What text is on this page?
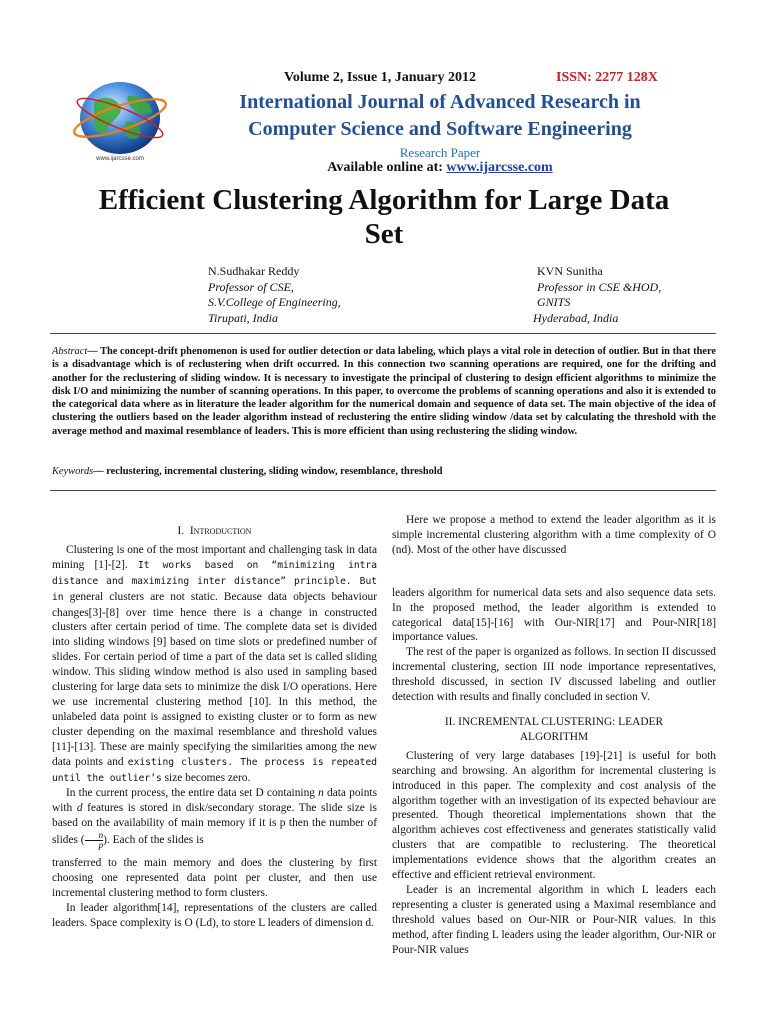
www.ijarcsse.com
Volume 2, Issue 1, January 2012	ISSN: 2277 128X
International Journal of Advanced Research in
Computer Science and Software Engineering
Research Paper
Available online at: www.ijarcsse.com
Efficient Clustering Algorithm for Large Data
Set
N.Sudhakar Reddy
Professor of CSE,
S.V.College of Engineering,
Tirupati, India
KVN Sunitha
Professor in CSE &HOD,
GNITS
Hyderabad, India
Abstract— The concept-drift phenomenon is used for outlier detection or data labeling, which plays a vital role in detection of outlier. But in that there is a disadvantage which is of reclustering when drift occurred. In this connection two scanning operations are required, one for the drifting and another for the reclustering of sliding window. It is necessary to investigate the principal of clustering to design efficient algorithms to minimize the disk I/O and minimizing the number of scanning operations. In this paper, to overcome the problems of scanning operations and also it is extended to the categorical data where as in literature the leader algorithm for the numerical domain and sequence of data set. The main objective of the idea of clustering the outliers based on the leader algorithm instead of reclustering the entire sliding window /data set by calculating the threshold with the average method and maximal resemblance of leaders. This is more efficient than using reclustering the sliding window.
Keywords— reclustering, incremental clustering, sliding window, resemblance, threshold
I. Introduction

Clustering is one of the most important and challenging task in data mining [1]-[2]. It works based on “minimizing intra distance and maximizing inter distance” principle. But in general clusters are not static. Because data objects behaviour changes[3]-[8] over time hence there is a change in constructed clusters after certain period of time. The complete data set is divided into sliding windows [9] based on time slots or predefined number of slides. For certain period of time a part of the data set is called sliding window. This sliding window method is also used in sampling based clustering for large data sets to minimize the disk I/O operations. Here we use incremental clustering method [10]. In this method, the unlabeled data point is assigned to existing cluster or to form as new cluster depending on the maximal resemblance and threshold values [11]-[13]. These are mainly specifying the similarities among the new data points and existing clusters. The process is repeated until the outlier’s size becomes zero.

In the current process, the entire data set D containing n data points with d features is stored in disk/secondary storage. The slide size is based on the availability of main memory if it is p then the number of slides ( $\frac{n}{p}$ ). Each of the slides is

transferred to the main memory and does the clustering by first choosing one represented data point per cluster, and then use incremental clustering method to form clusters.

In leader algorithm[14], representations of the clusters are called leaders. Space complexity is O (Ld), to store L leaders of dimension d.

Here we propose a method to extend the leader algorithm as it is simple incremental clustering algorithm with a time complexity of O (nd). Most of the other have discussed

leaders algorithm for numerical data sets and also sequence data sets. In the proposed method, the leader algorithm is extended to categorical data[15]-[16] with Our-NIR[17] and Pour-NIR[18] importance values.

The rest of the paper is organized as follows. In section II discussed incremental clustering, section III node importance representatives, threshold discussed, in section IV discussed labeling and outlier detection with results and finally concluded in section V.

II. INCREMENTAL CLUSTERING: LEADER
ALGORITHM

Clustering of very large databases [19]-[21] is useful for both searching and browsing. An algorithm for incremental clustering is introduced in this paper. The complexity and cost analysis of the algorithm together with an investigation of its expected behaviour are presented. Though theoretical implementations shown that the algorithm achieves cost effectiveness and generates statistically valid clusters that are compatible to reclustering. The theoretical implementations evidence shows that the algorithm creates an effective and efficient retrieval environment.

Leader is an incremental algorithm in which L leaders each representing a cluster is generated using a Maximal resemblance and threshold values based on Our-NIR or Pour-NIR values. In this method, after finding L leaders using the leader algorithm, Our-NIR or Pour-NIR values
